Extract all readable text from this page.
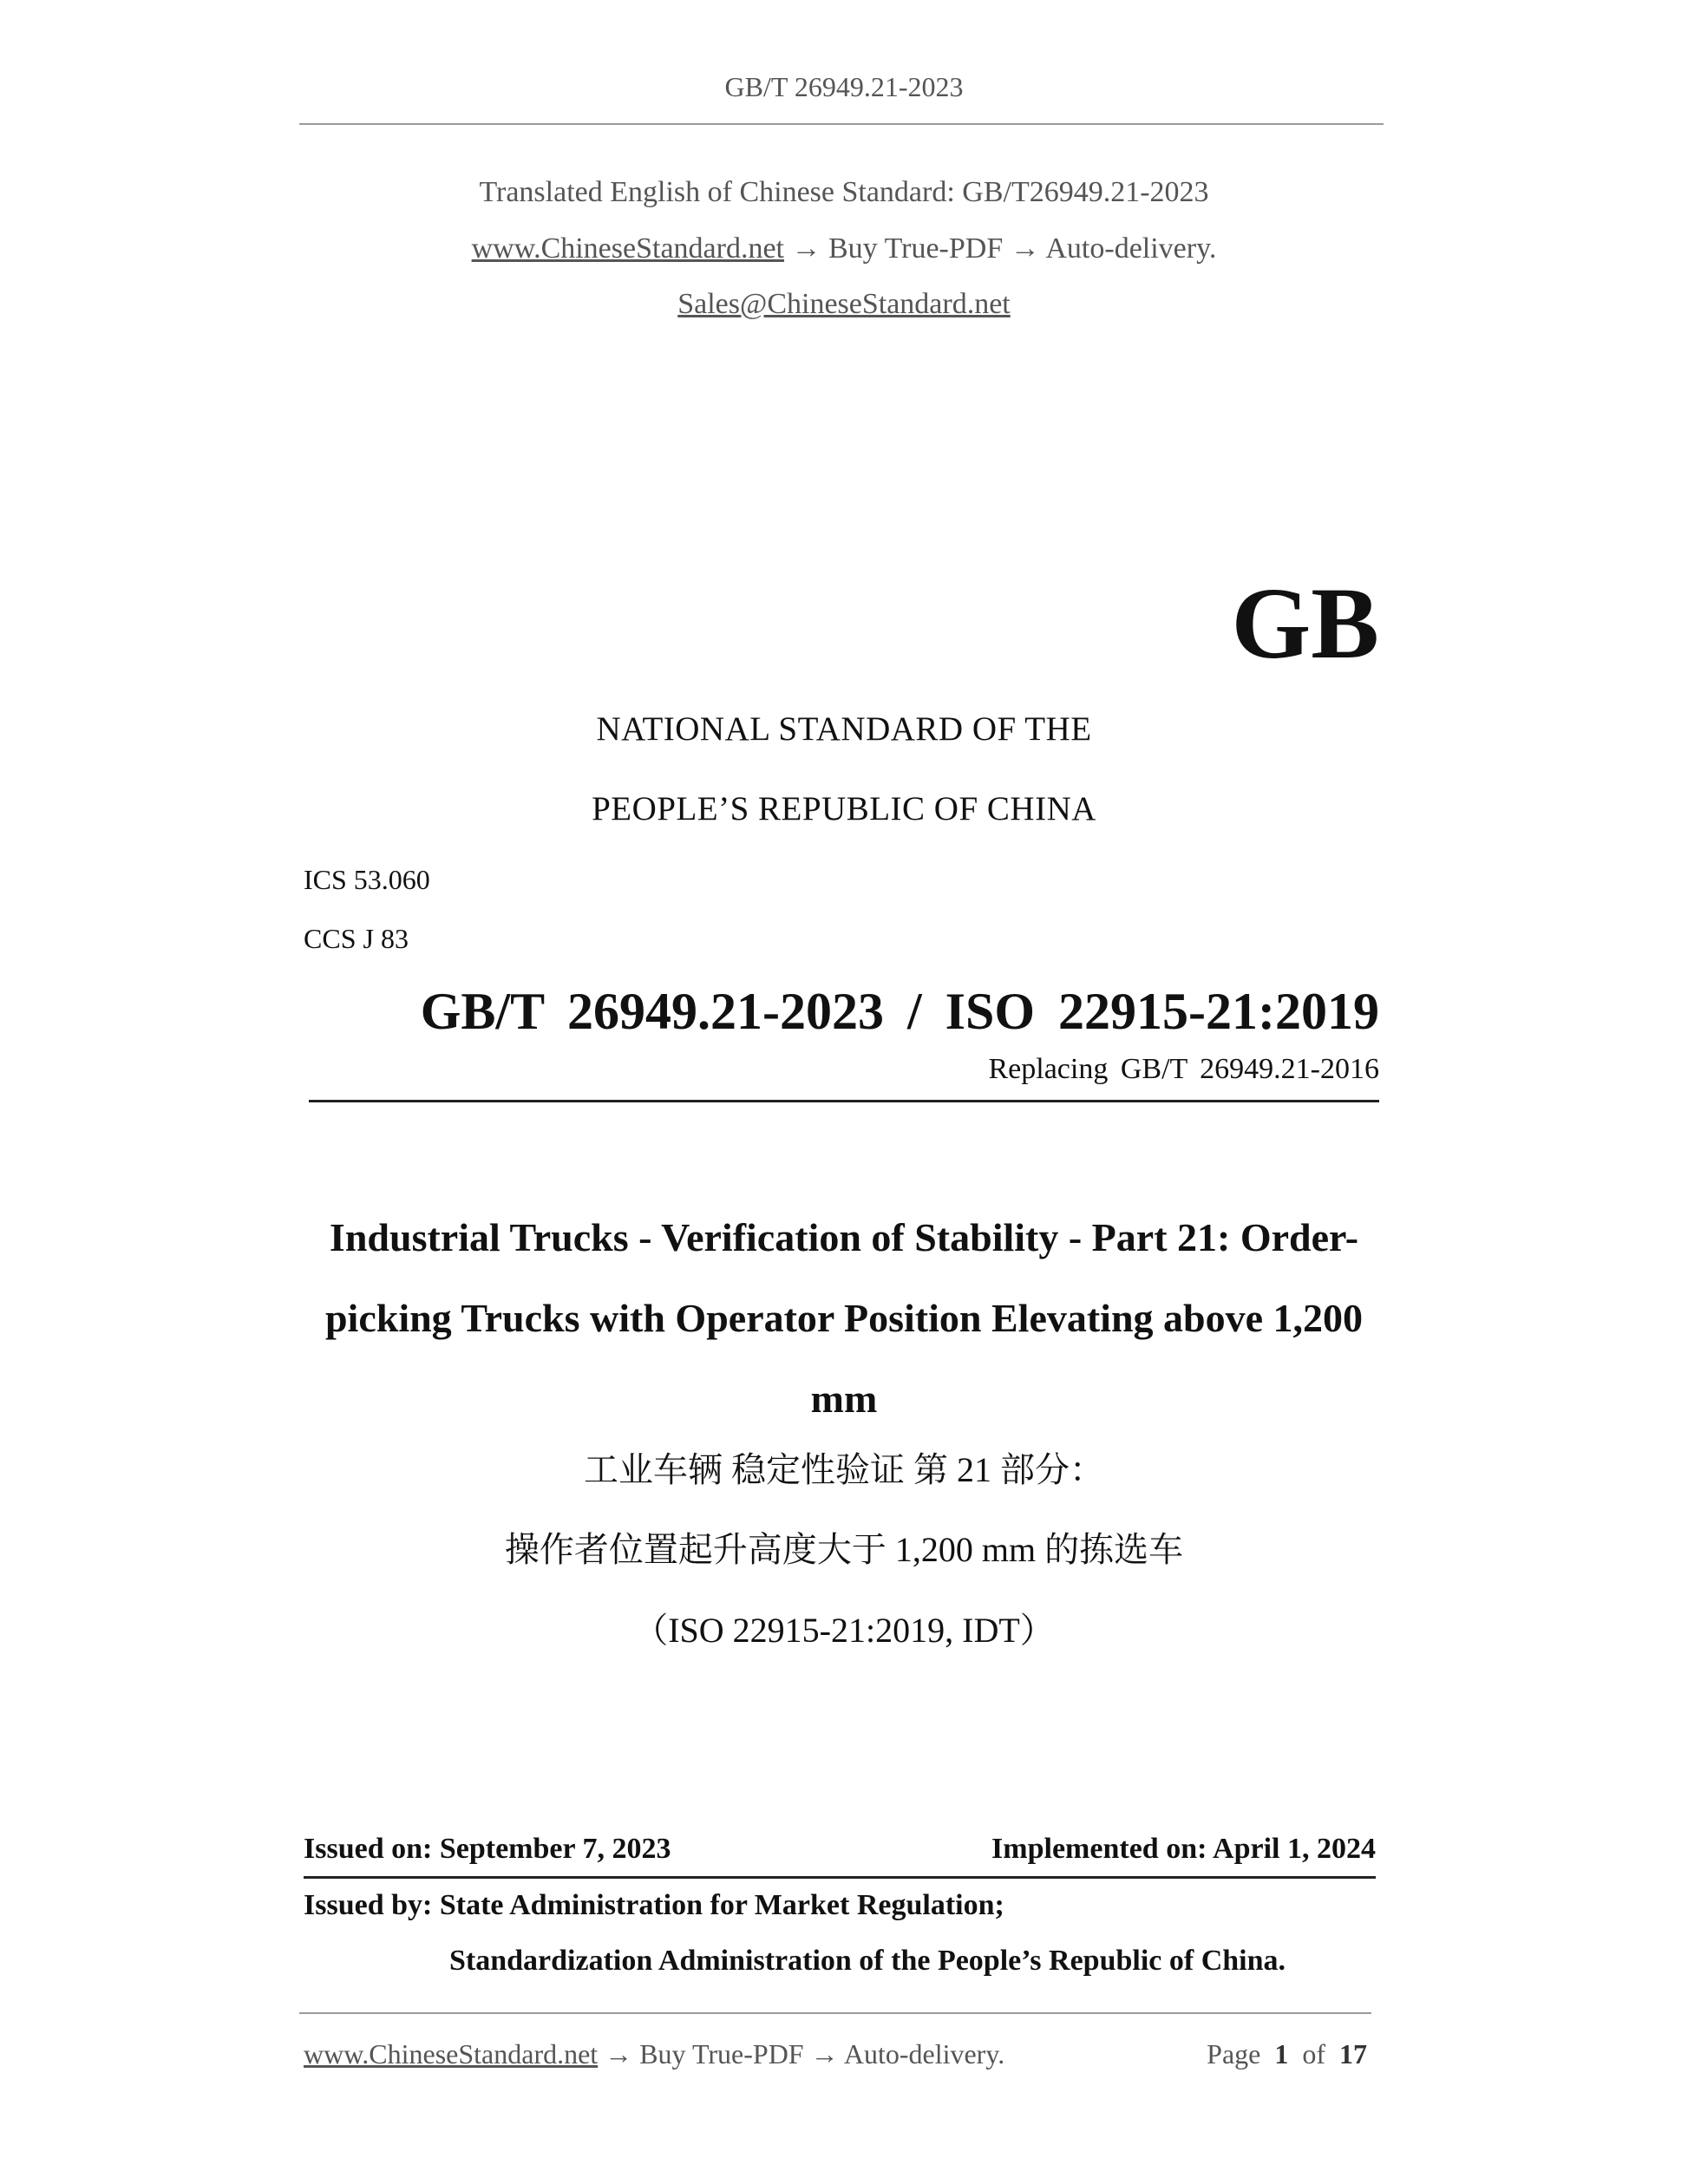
GB/T 26949.21-2023
Translated English of Chinese Standard: GB/T26949.21-2023
www.ChineseStandard.net → Buy True-PDF → Auto-delivery.
Sales@ChineseStandard.net
GB
NATIONAL STANDARD OF THE
PEOPLE’S REPUBLIC OF CHINA
ICS 53.060
CCS J 83
GB/T 26949.21-2023 / ISO 22915-21:2019
Replacing GB/T 26949.21-2016
Industrial Trucks - Verification of Stability - Part 21: Order-picking Trucks with Operator Position Elevating above 1,200 mm
工业车辆 稳定性验证 第 21 部分：
操作者位置起升高度大于 1,200 mm 的拣选车
（ISO 22915-21:2019, IDT）
Issued on: September 7, 2023	Implemented on: April 1, 2024
Issued by: State Administration for Market Regulation;
Standardization Administration of the People’s Republic of China.
www.ChineseStandard.net → Buy True-PDF → Auto-delivery.	Page 1 of 17
